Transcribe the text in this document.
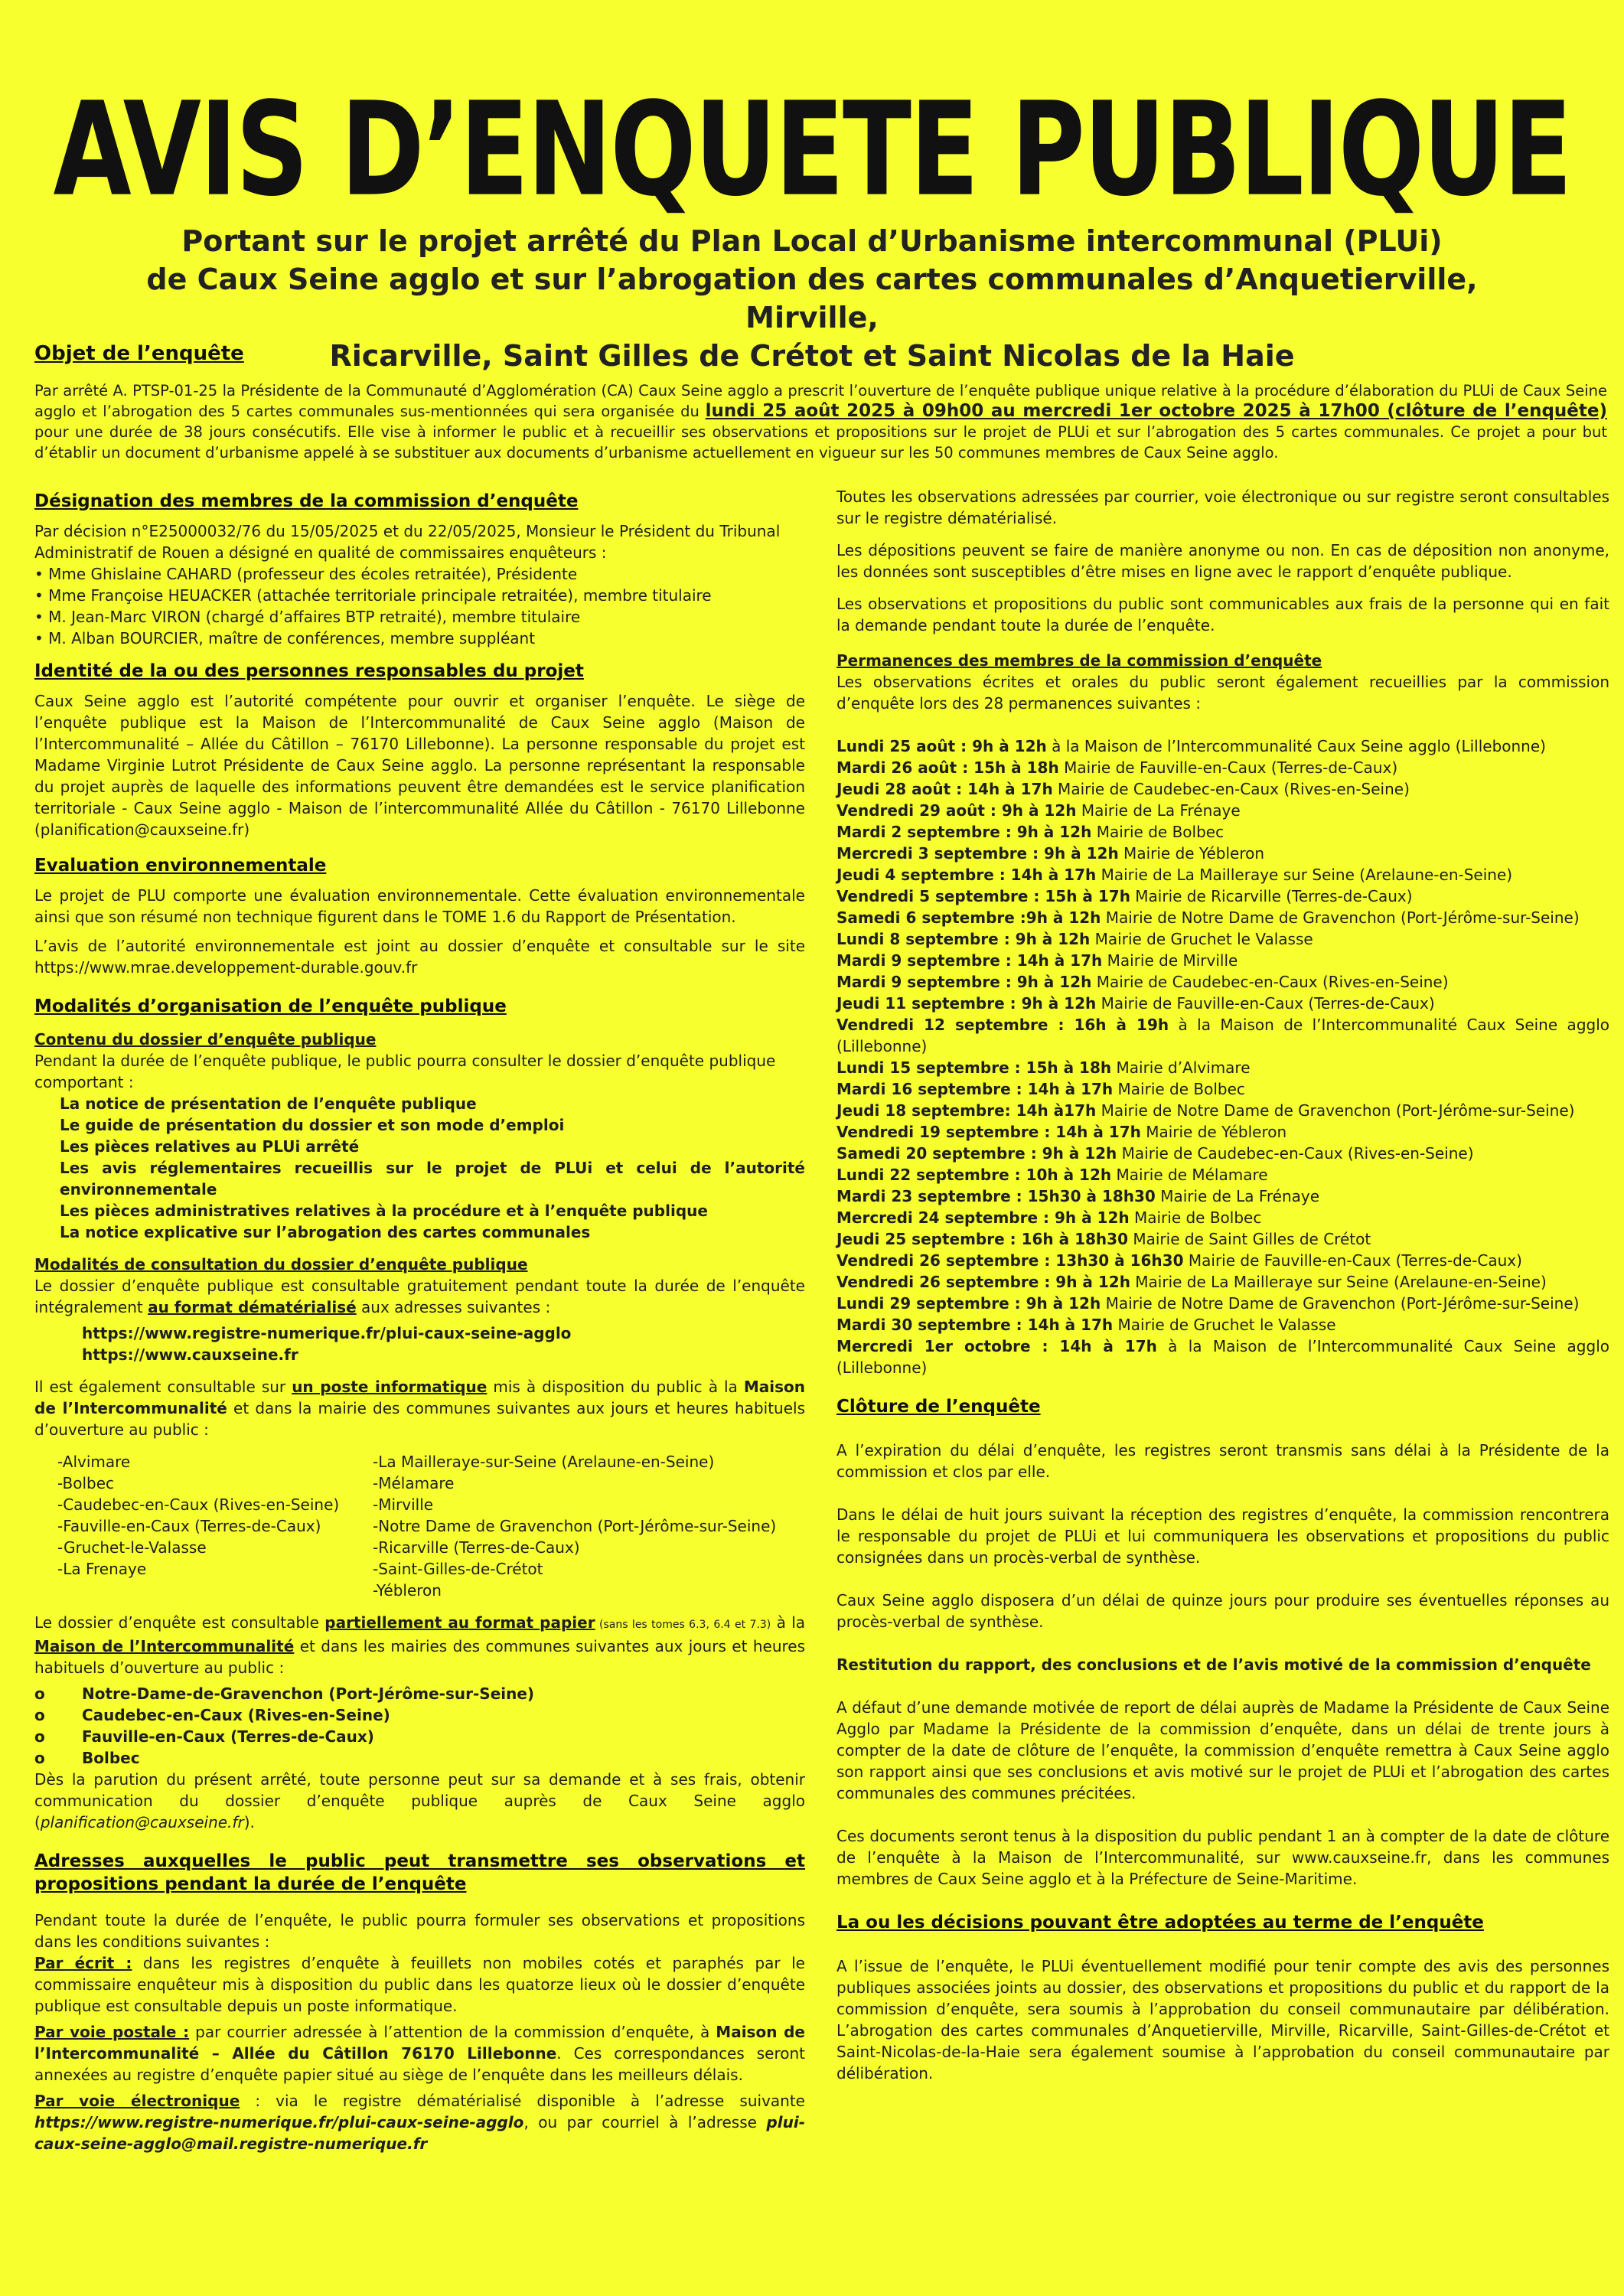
AVIS D’ENQUETE PUBLIQUE
Portant sur le projet arrêté du Plan Local d’Urbanisme intercommunal (PLUi)
de Caux Seine agglo et sur l’abrogation des cartes communales d’Anquetierville, Mirville,
Ricarville, Saint Gilles de Crétot et Saint Nicolas de la Haie
Objet de l’enquête
Par arrêté A. PTSP-01-25 la Présidente de la Communauté d’Agglomération (CA) Caux Seine agglo a prescrit l’ouverture de l’enquête publique unique relative à la procédure d’élaboration du PLUi de Caux Seine agglo et l’abrogation des 5 cartes communales sus-mentionnées qui sera organisée du lundi 25 août 2025 à 09h00 au mercredi 1er octobre 2025 à 17h00 (clôture de l’enquête) pour une durée de 38 jours consécutifs. Elle vise à informer le public et à recueillir ses observations et propositions sur le projet de PLUi et sur l’abrogation des 5 cartes communales. Ce projet a pour but d’établir un document d’urbanisme appelé à se substituer aux documents d’urbanisme actuellement en vigueur sur les 50 communes membres de Caux Seine agglo.
Désignation des membres de la commission d’enquête
Par décision n°E25000032/76 du 15/05/2025 et du 22/05/2025, Monsieur le Président du Tribunal Administratif de Rouen a désigné en qualité de commissaires enquêteurs :
• Mme Ghislaine CAHARD (professeur des écoles retraitée), Présidente
• Mme Françoise HEUACKER (attachée territoriale principale retraitée), membre titulaire
• M. Jean-Marc VIRON (chargé d’affaires BTP retraité), membre titulaire
• M. Alban BOURCIER, maître de conférences, membre suppléant
Identité de la ou des personnes responsables du projet
Caux Seine agglo est l’autorité compétente pour ouvrir et organiser l’enquête. Le siège de l’enquête publique est la Maison de l’Intercommunalité de Caux Seine agglo (Maison de l’Intercommunalité – Allée du Câtillon – 76170 Lillebonne). La personne responsable du projet est Madame Virginie Lutrot Présidente de Caux Seine agglo. La personne représentant la responsable du projet auprès de laquelle des informations peuvent être demandées est le service planification territoriale - Caux Seine agglo - Maison de l’intercommunalité Allée du Câtillon - 76170 Lillebonne (planification@cauxseine.fr)
Evaluation environnementale
Le projet de PLU comporte une évaluation environnementale. Cette évaluation environnementale ainsi que son résumé non technique figurent dans le TOME 1.6 du Rapport de Présentation.
L’avis de l’autorité environnementale est joint au dossier d’enquête et consultable sur le site https://www.mrae.developpement-durable.gouv.fr
Modalités d’organisation de l’enquête publique
Contenu du dossier d’enquête publique
Pendant la durée de l’enquête publique, le public pourra consulter le dossier d’enquête publique comportant :
La notice de présentation de l’enquête publique
Le guide de présentation du dossier et son mode d’emploi
Les pièces relatives au PLUi arrêté
Les avis réglementaires recueillis sur le projet de PLUi et celui de l’autorité environnementale
Les pièces administratives relatives à la procédure et à l’enquête publique
La notice explicative sur l’abrogation des cartes communales
Modalités de consultation du dossier d’enquête publique
Le dossier d’enquête publique est consultable gratuitement pendant toute la durée de l’enquête intégralement au format dématérialisé aux adresses suivantes :
https://www.registre-numerique.fr/plui-caux-seine-agglo
https://www.cauxseine.fr
Il est également consultable sur un poste informatique mis à disposition du public à la Maison de l’Intercommunalité et dans la mairie des communes suivantes aux jours et heures habituels d’ouverture au public :
-Alvimare
-Bolbec
-Caudebec-en-Caux (Rives-en-Seine)
-Fauville-en-Caux (Terres-de-Caux)
-Gruchet-le-Valasse
-La Frenaye
-La Mailleraye-sur-Seine (Arelaune-en-Seine)
-Mélamare
-Mirville
-Notre Dame de Gravenchon (Port-Jérôme-sur-Seine)
-Ricarville (Terres-de-Caux)
-Saint-Gilles-de-Crétot
-Yébleron
Le dossier d’enquête est consultable partiellement au format papier (sans les tomes 6.3, 6.4 et 7.3) à la Maison de l’Intercommunalité et dans les mairies des communes suivantes aux jours et heures habituels d’ouverture au public :
o	Notre-Dame-de-Gravenchon (Port-Jérôme-sur-Seine)
o	Caudebec-en-Caux (Rives-en-Seine)
o	Fauville-en-Caux (Terres-de-Caux)
o	Bolbec
Dès la parution du présent arrêté, toute personne peut sur sa demande et à ses frais, obtenir communication du dossier d’enquête publique auprès de Caux Seine agglo (planification@cauxseine.fr).
Adresses auxquelles le public peut transmettre ses observations et propositions pendant la durée de l’enquête
Pendant toute la durée de l’enquête, le public pourra formuler ses observations et propositions dans les conditions suivantes :
Par écrit : dans les registres d’enquête à feuillets non mobiles cotés et paraphés par le commissaire enquêteur mis à disposition du public dans les quatorze lieux où le dossier d’enquête publique est consultable depuis un poste informatique.
Par voie postale : par courrier adressée à l’attention de la commission d’enquête, à Maison de l’Intercommunalité – Allée du Câtillon 76170 Lillebonne. Ces correspondances seront annexées au registre d’enquête papier situé au siège de l’enquête dans les meilleurs délais.
Par voie électronique : via le registre dématérialisé disponible à l’adresse suivante https://www.registre-numerique.fr/plui-caux-seine-agglo, ou par courriel à l’adresse plui-caux-seine-agglo@mail.registre-numerique.fr
Toutes les observations adressées par courrier, voie électronique ou sur registre seront consultables sur le registre dématérialisé.
Les dépositions peuvent se faire de manière anonyme ou non. En cas de déposition non anonyme, les données sont susceptibles d’être mises en ligne avec le rapport d’enquête publique.
Les observations et propositions du public sont communicables aux frais de la personne qui en fait la demande pendant toute la durée de l’enquête.
Permanences des membres de la commission d’enquête
Les observations écrites et orales du public seront également recueillies par la commission d’enquête lors des 28 permanences suivantes :
Lundi 25 août : 9h à 12h à la Maison de l’Intercommunalité Caux Seine agglo (Lillebonne)
Mardi 26 août : 15h à 18h Mairie de Fauville-en-Caux (Terres-de-Caux)
Jeudi 28 août : 14h à 17h Mairie de Caudebec-en-Caux (Rives-en-Seine)
Vendredi 29 août : 9h à 12h Mairie de La Frénaye
Mardi 2 septembre : 9h à 12h Mairie de Bolbec
Mercredi 3 septembre : 9h à 12h Mairie de Yébleron
Jeudi 4 septembre : 14h à 17h Mairie de La Mailleraye sur Seine (Arelaune-en-Seine)
Vendredi 5 septembre : 15h à 17h Mairie de Ricarville (Terres-de-Caux)
Samedi 6 septembre :9h à 12h Mairie de Notre Dame de Gravenchon (Port-Jérôme-sur-Seine)
Lundi 8 septembre : 9h à 12h Mairie de Gruchet le Valasse
Mardi 9 septembre : 14h à 17h Mairie de Mirville
Mardi 9 septembre : 9h à 12h Mairie de Caudebec-en-Caux (Rives-en-Seine)
Jeudi 11 septembre : 9h à 12h Mairie de Fauville-en-Caux (Terres-de-Caux)
Vendredi 12 septembre : 16h à 19h à la Maison de l’Intercommunalité Caux Seine agglo (Lillebonne)
Lundi 15 septembre : 15h à 18h Mairie d’Alvimare
Mardi 16 septembre : 14h à 17h Mairie de Bolbec
Jeudi 18 septembre: 14h à17h Mairie de Notre Dame de Gravenchon (Port-Jérôme-sur-Seine)
Vendredi 19 septembre : 14h à 17h Mairie de Yébleron
Samedi 20 septembre : 9h à 12h Mairie de Caudebec-en-Caux (Rives-en-Seine)
Lundi 22 septembre : 10h à 12h Mairie de Mélamare
Mardi 23 septembre : 15h30 à 18h30 Mairie de La Frénaye
Mercredi 24 septembre : 9h à 12h Mairie de Bolbec
Jeudi 25 septembre : 16h à 18h30 Mairie de Saint Gilles de Crétot
Vendredi 26 septembre : 13h30 à 16h30 Mairie de Fauville-en-Caux (Terres-de-Caux)
Vendredi 26 septembre : 9h à 12h Mairie de La Mailleraye sur Seine (Arelaune-en-Seine)
Lundi 29 septembre : 9h à 12h Mairie de Notre Dame de Gravenchon (Port-Jérôme-sur-Seine)
Mardi 30 septembre : 14h à 17h Mairie de Gruchet le Valasse
Mercredi 1er octobre : 14h à 17h à la Maison de l’Intercommunalité Caux Seine agglo (Lillebonne)
Clôture de l’enquête
A l’expiration du délai d’enquête, les registres seront transmis sans délai à la Présidente de la commission et clos par elle.
Dans le délai de huit jours suivant la réception des registres d’enquête, la commission rencontrera le responsable du projet de PLUi et lui communiquera les observations et propositions du public consignées dans un procès-verbal de synthèse.
Caux Seine agglo disposera d’un délai de quinze jours pour produire ses éventuelles réponses au procès-verbal de synthèse.
Restitution du rapport, des conclusions et de l’avis motivé de la commission d’enquête
A défaut d’une demande motivée de report de délai auprès de Madame la Présidente de Caux Seine Agglo par Madame la Présidente de la commission d’enquête, dans un délai de trente jours à compter de la date de clôture de l’enquête, la commission d’enquête remettra à Caux Seine agglo son rapport ainsi que ses conclusions et avis motivé sur le projet de PLUi et l’abrogation des cartes communales des communes précitées.
Ces documents seront tenus à la disposition du public pendant 1 an à compter de la date de clôture de l’enquête à la Maison de l’Intercommunalité, sur www.cauxseine.fr, dans les communes membres de Caux Seine agglo et à la Préfecture de Seine-Maritime.
La ou les décisions pouvant être adoptées au terme de l’enquête
A l’issue de l’enquête, le PLUi éventuellement modifié pour tenir compte des avis des personnes publiques associées joints au dossier, des observations et propositions du public et du rapport de la commission d’enquête, sera soumis à l’approbation du conseil communautaire par délibération. L’abrogation des cartes communales d’Anquetierville, Mirville, Ricarville, Saint-Gilles-de-Crétot et Saint-Nicolas-de-la-Haie sera également soumise à l’approbation du conseil communautaire par délibération.
